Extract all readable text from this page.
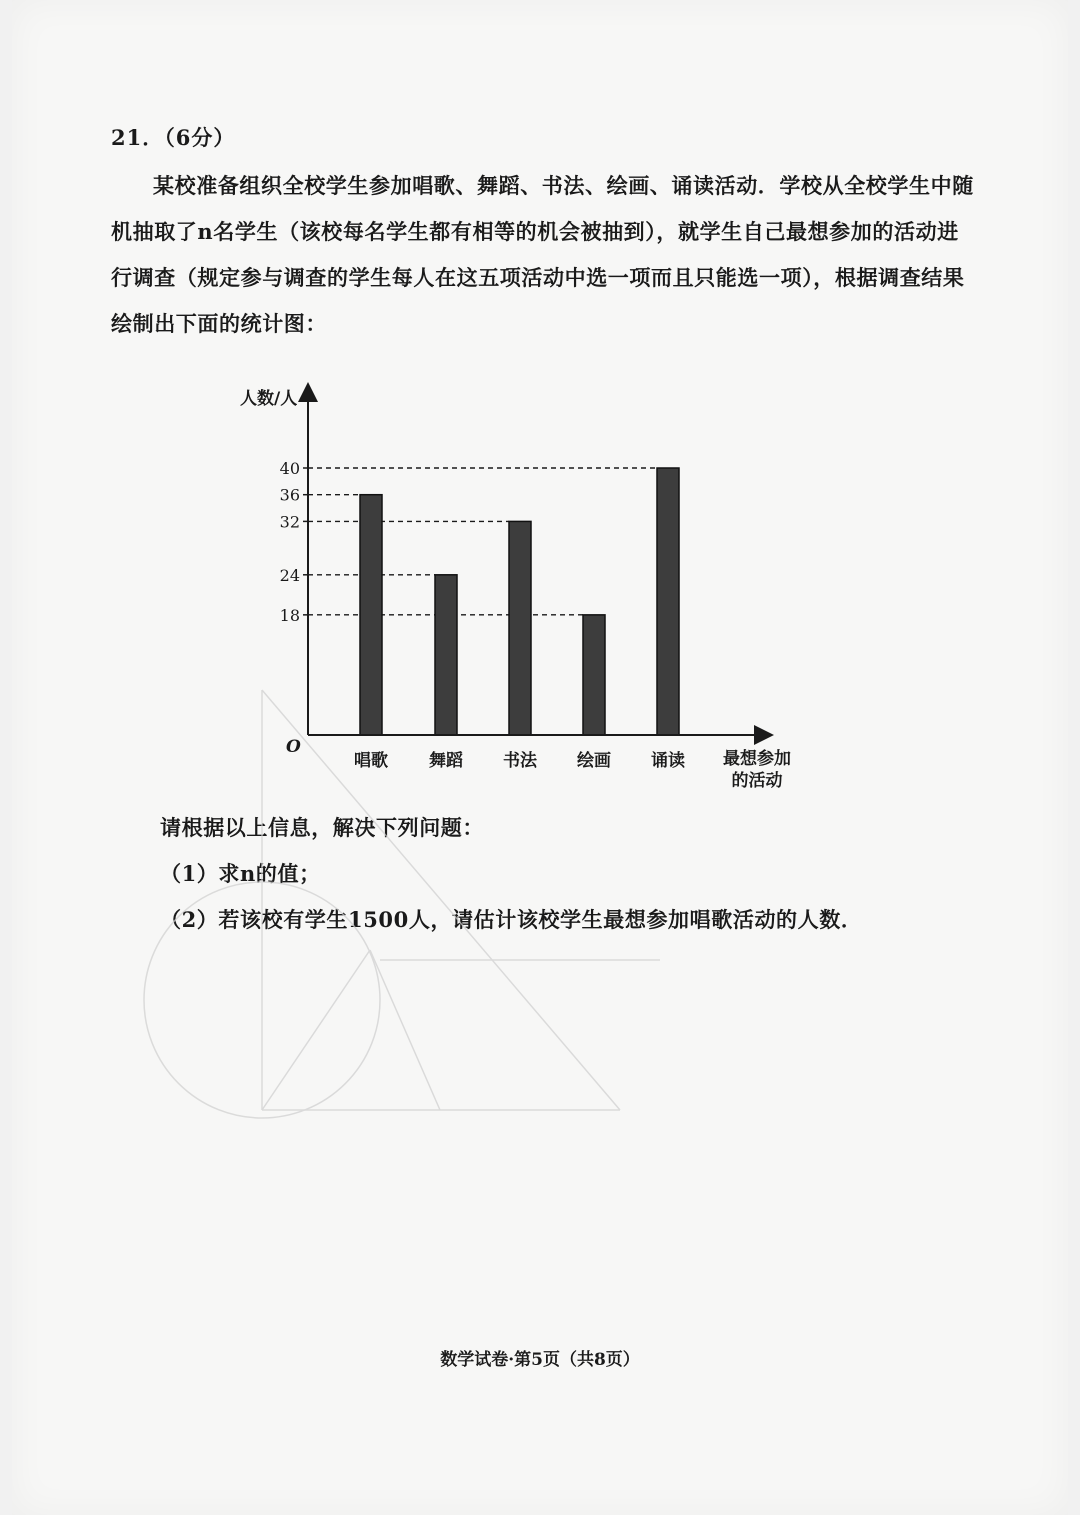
21．（6分）
某校准备组织全校学生参加唱歌、舞蹈、书法、绘画、诵读活动．学校从全校学生中随
机抽取了n名学生（该校每名学生都有相等的机会被抽到），就学生自己最想参加的活动进
行调查（规定参与调查的学生每人在这五项活动中选一项而且只能选一项），根据调查结果
绘制出下面的统计图：
18
24
32
36
40
唱歌 舞蹈 书法 绘画 诵读
人数/人
O
最想参加
的活动
请根据以上信息，解决下列问题：
（1）求n的值；
（2）若该校有学生1500人，请估计该校学生最想参加唱歌活动的人数．
数学试卷·第5页（共8页）
